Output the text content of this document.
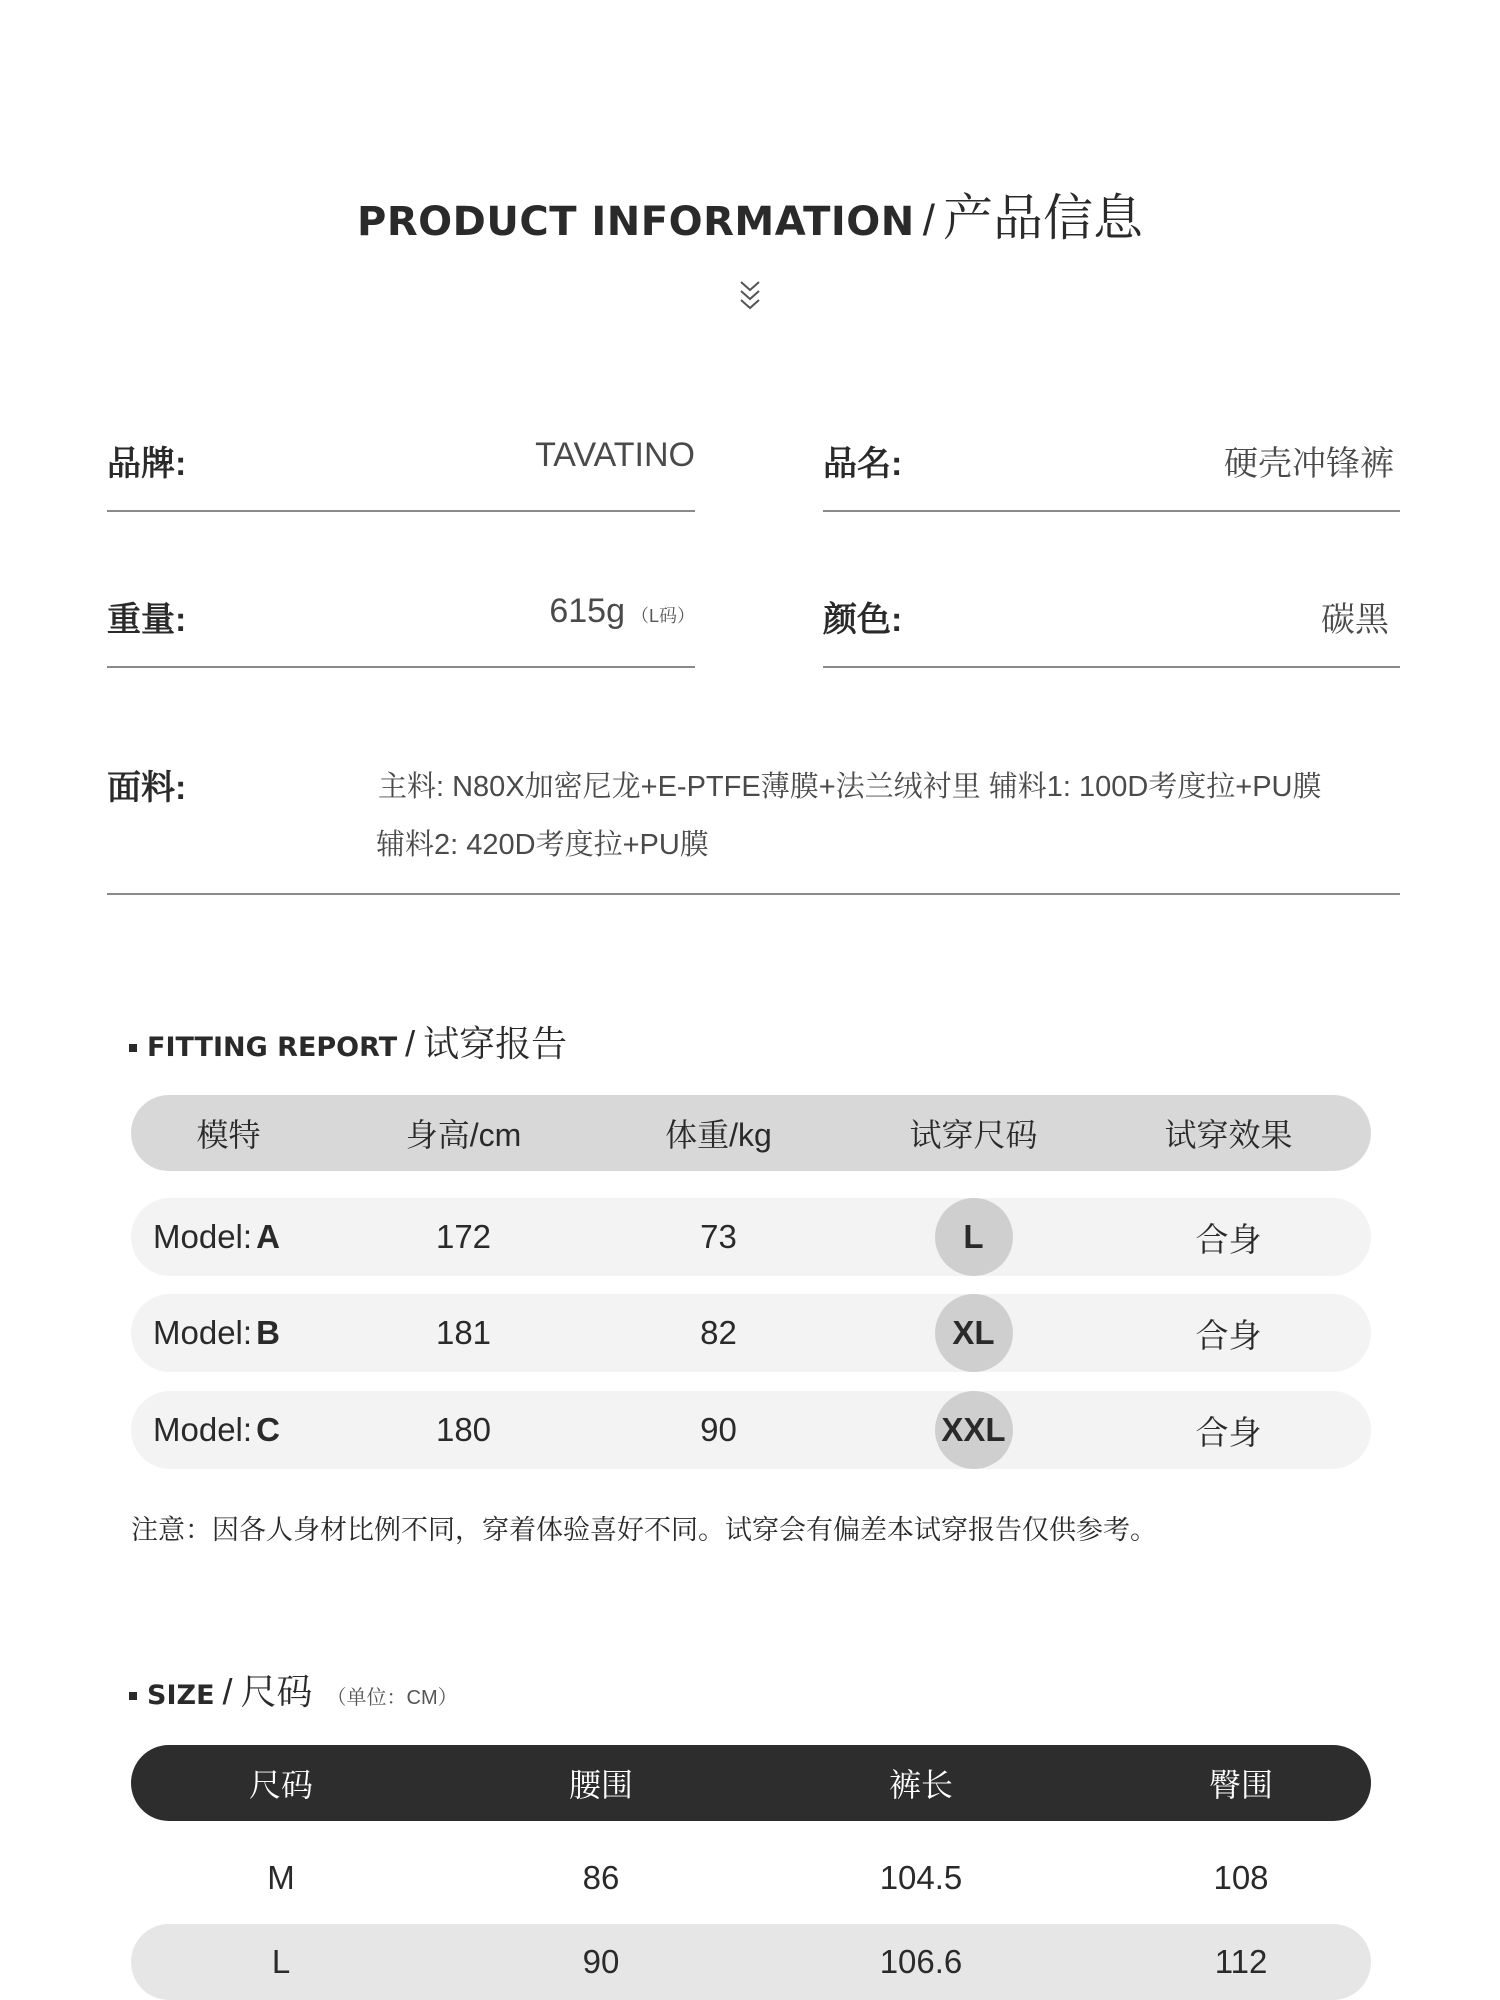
PRODUCT INFORMATION / 产品信息
品牌:	TAVATINO	品名:	硬壳冲锋裤
重量:	615g （L码）	颜色:	碳黑
面料:	主料: N80X加密尼龙+E-PTFE薄膜+法兰绒衬里 辅料1: 100D考度拉+PU膜
辅料2: 420D考度拉+PU膜
FITTING REPORT / 试穿报告
模特	身高/cm	体重/kg	试穿尺码	试穿效果
Model: A	172	73	L	合身
Model: B	181	82	XL	合身
Model: C	180	90	XXL	合身
注意：因各人身材比例不同，穿着体验喜好不同。试穿会有偏差本试穿报告仅供参考。
SIZE / 尺码 （单位：CM）
尺码	腰围	裤长	臀围
M	86	104.5	108
L	90	106.6	112
